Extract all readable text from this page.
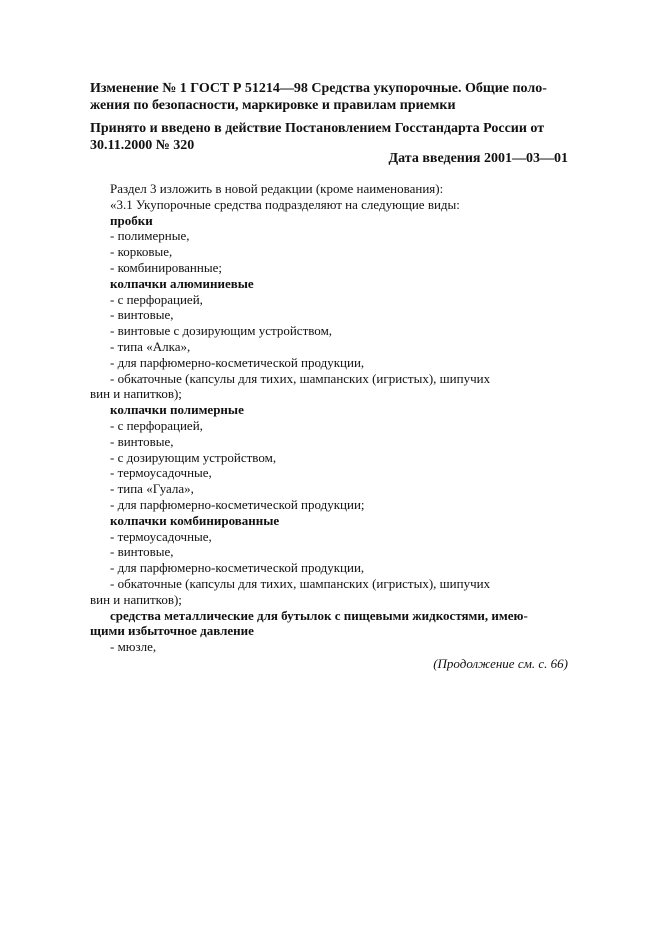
Изменение № 1 ГОСТ Р 51214—98 Средства укупорочные. Общие поло-
жения по безопасности, маркировке и правилам приемки

Принято и введено в действие Постановлением Госстандарта России от
30.11.2000 № 320

Дата введения 2001—03—01
Раздел 3 изложить в новой редакции (кроме наименования):
«3.1 Укупорочные средства подразделяют на следующие виды:
пробки
- полимерные,
- корковые,
- комбинированные;
колпачки алюминиевые
- с перфорацией,
- винтовые,
- винтовые с дозирующим устройством,
- типа «Алка»,
- для парфюмерно-косметической продукции,
- обкаточные (капсулы для тихих, шампанских (игристых), шипучих
вин и напитков);
колпачки полимерные
- с перфорацией,
- винтовые,
- с дозирующим устройством,
- термоусадочные,
- типа «Гуала»,
- для парфюмерно-косметической продукции;
колпачки комбинированные
- термоусадочные,
- винтовые,
- для парфюмерно-косметической продукции,
- обкаточные (капсулы для тихих, шампанских (игристых), шипучих
вин и напитков);
средства металлические для бутылок с пищевыми жидкостями, имею-
щими избыточное давление
- мюзле,
(Продолжение см. с. 66)
